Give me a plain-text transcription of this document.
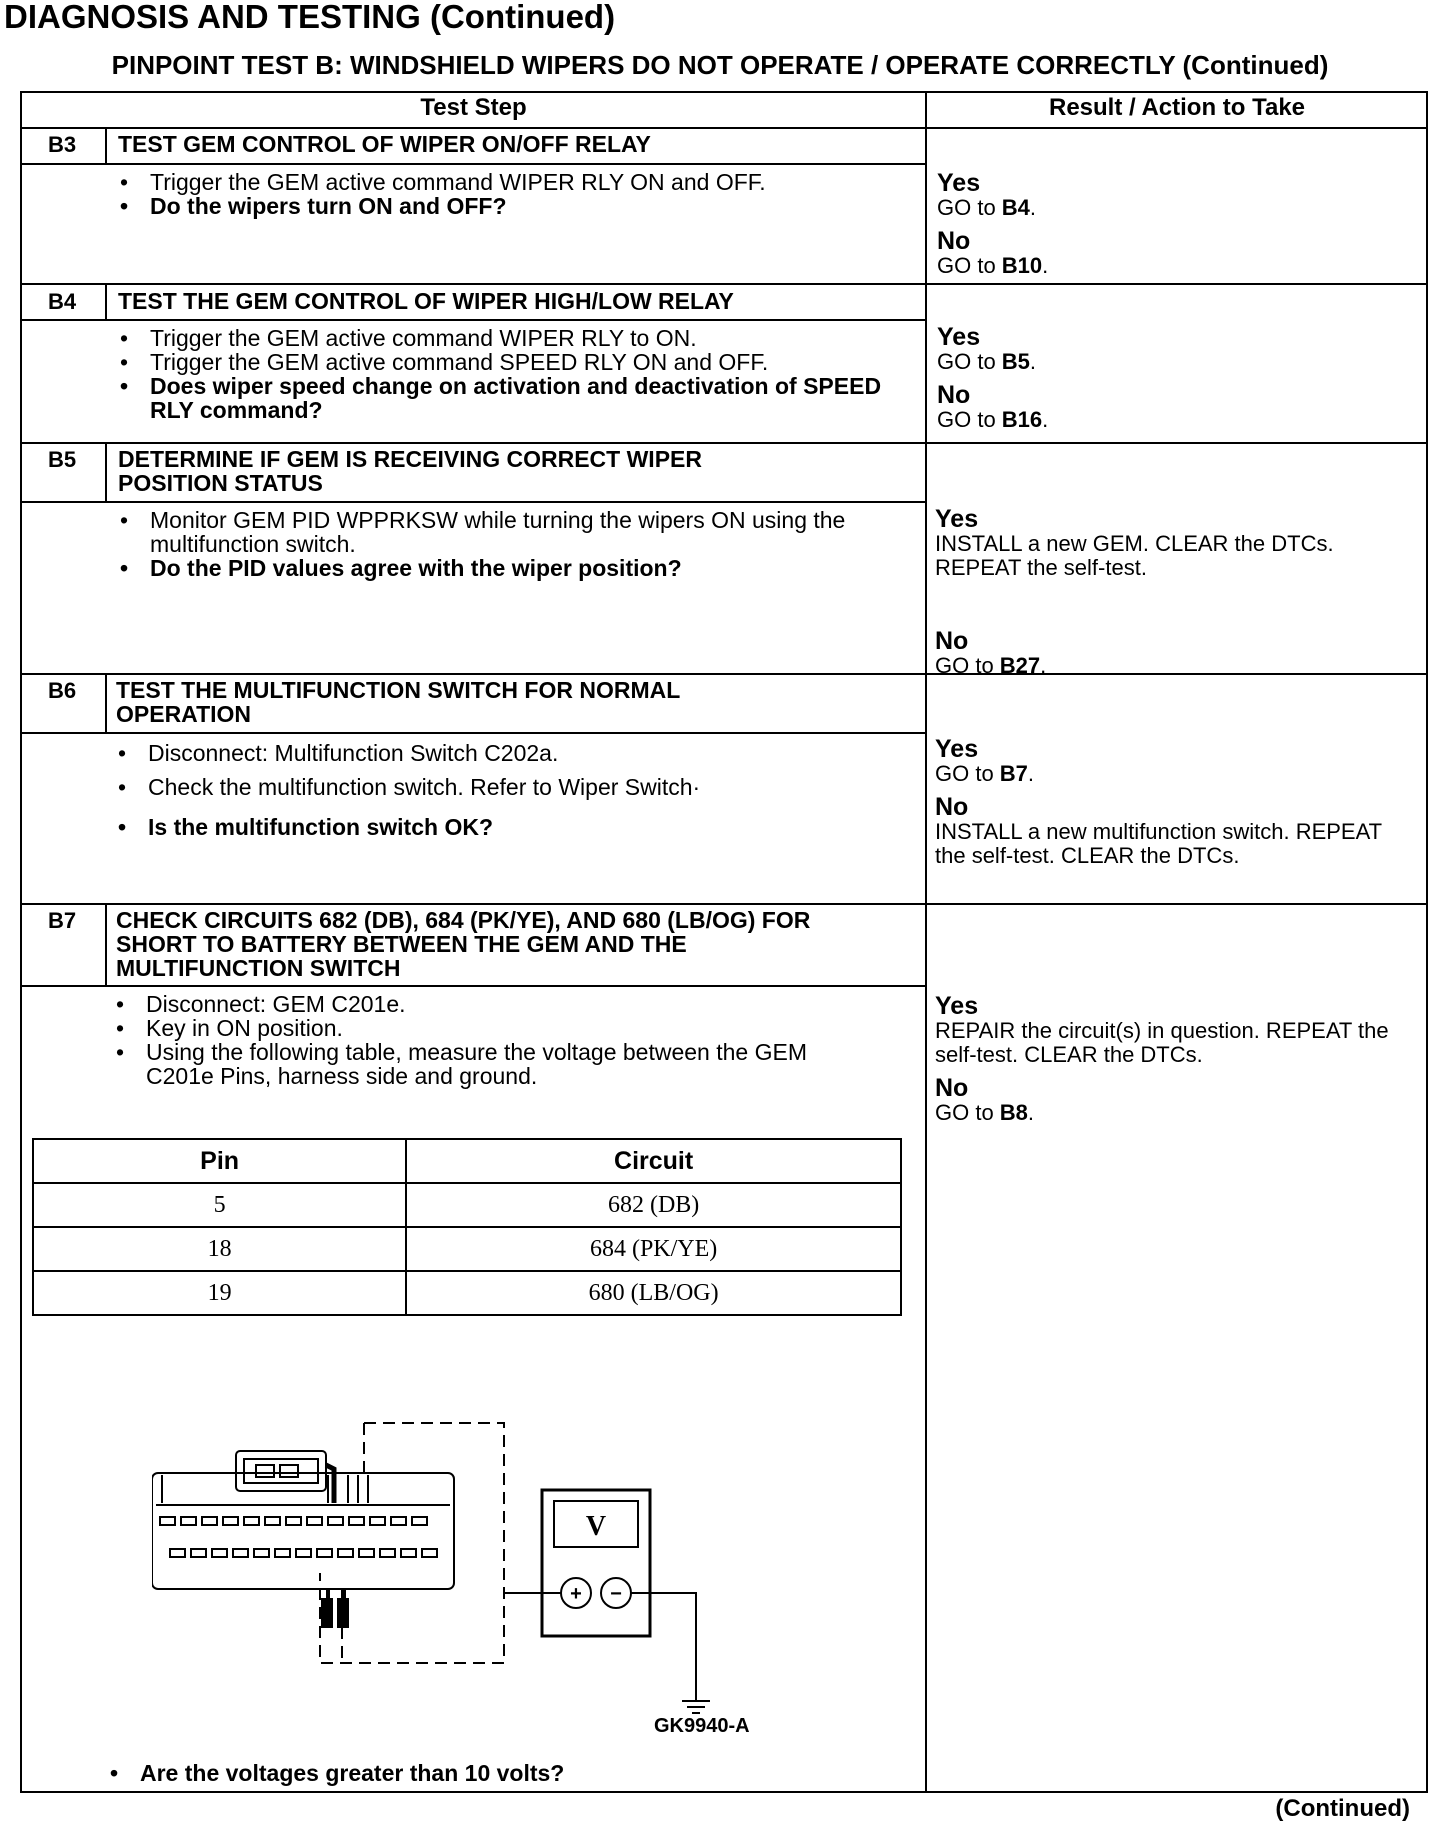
DIAGNOSIS AND TESTING (Continued)
PINPOINT TEST B: WINDSHIELD WIPERS DO NOT OPERATE / OPERATE CORRECTLY (Continued)
Test Step	Result / Action to Take
B3	TEST GEM CONTROL OF WIPER ON/OFF RELAY
• Trigger the GEM active command WIPER RLY ON and OFF.
• Do the wipers turn ON and OFF?
Yes
GO to B4.
No
GO to B10.
B4	TEST THE GEM CONTROL OF WIPER HIGH/LOW RELAY
• Trigger the GEM active command WIPER RLY to ON.
• Trigger the GEM active command SPEED RLY ON and OFF.
• Does wiper speed change on activation and deactivation of SPEED RLY command?
Yes
GO to B5.
No
GO to B16.
B5	DETERMINE IF GEM IS RECEIVING CORRECT WIPER POSITION STATUS
• Monitor GEM PID WPPRKSW while turning the wipers ON using the multifunction switch.
• Do the PID values agree with the wiper position?
Yes
INSTALL a new GEM. CLEAR the DTCs. REPEAT the self-test.
No
GO to B27.
B6	TEST THE MULTIFUNCTION SWITCH FOR NORMAL OPERATION
• Disconnect: Multifunction Switch C202a.
• Check the multifunction switch. Refer to Wiper Switch·
• Is the multifunction switch OK?
Yes
GO to B7.
No
INSTALL a new multifunction switch. REPEAT the self-test. CLEAR the DTCs.
B7	CHECK CIRCUITS 682 (DB), 684 (PK/YE), AND 680 (LB/OG) FOR SHORT TO BATTERY BETWEEN THE GEM AND THE MULTIFUNCTION SWITCH
• Disconnect: GEM C201e.
• Key in ON position.
• Using the following table, measure the voltage between the GEM C201e Pins, harness side and ground.
Pin	Circuit
5	682 (DB)
18	684 (PK/YE)
19	680 (LB/OG)
V
+ −
GK9940-A
• Are the voltages greater than 10 volts?
Yes
REPAIR the circuit(s) in question. REPEAT the self-test. CLEAR the DTCs.
No
GO to B8.
(Continued)
